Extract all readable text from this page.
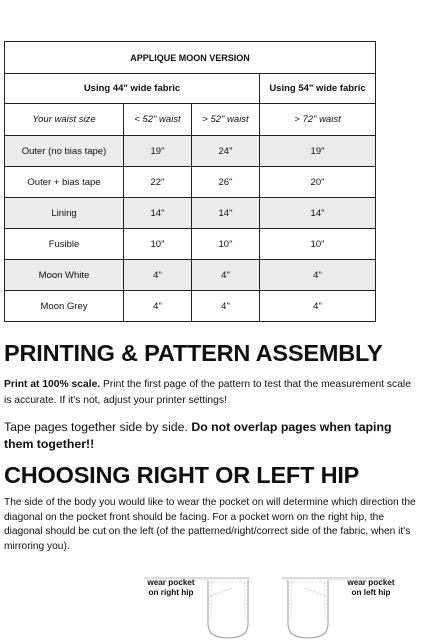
APPLIQUE MOON VERSION			
Using 44" wide fabric			Using 54" wide fabric
Your waist size	< 52" waist	> 52" waist	> 72" waist
Outer (no bias tape)	19"	24"	19"
Outer + bias tape	22"	26"	20"
Lining	14"	14"	14"
Fusible	10"	10"	10"
Moon White	4"	4"	4"
Moon Grey	4"	4"	4"
PRINTING & PATTERN ASSEMBLY

Print at 100% scale. Print the first page of the pattern to test that the measurement scale is accurate. If it's not, adjust your printer settings!

Tape pages together side by side. Do not overlap pages when taping them together!!

CHOOSING RIGHT OR LEFT HIP

The side of the body you would like to wear the pocket on will determine which direction the diagonal on the pocket front should be facing. For a pocket worn on the right hip, the diagonal should be cut on the left (of the patterned/right/correct side of the fabric, when it's mirroring you).

wear pocket
on right hip
wear pocket
on left hip
